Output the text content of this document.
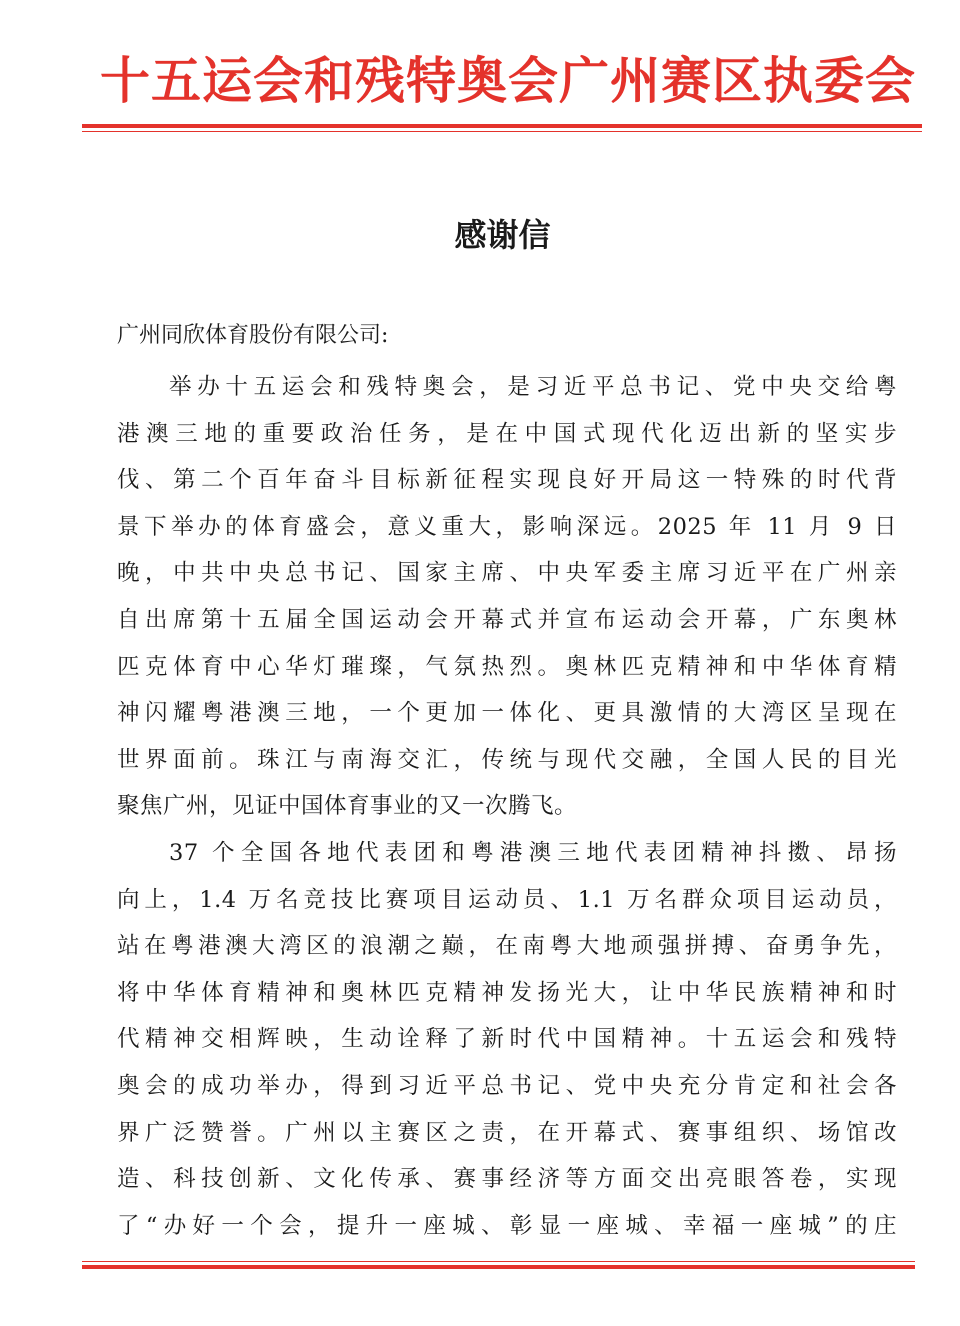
十五运会和残特奥会广州赛区执委会
感谢信
广州同欣体育股份有限公司:
举办十五运会和残特奥会，是习近平总书记、党中央交给粤
港澳三地的重要政治任务，是在中国式现代化迈出新的坚实步
伐、第二个百年奋斗目标新征程实现良好开局这一特殊的时代背
景下举办的体育盛会，意义重大，影响深远。2025 年 11 月 9 日
晚，中共中央总书记、国家主席、中央军委主席习近平在广州亲
自出席第十五届全国运动会开幕式并宣布运动会开幕，广东奥林
匹克体育中心华灯璀璨，气氛热烈。奥林匹克精神和中华体育精
神闪耀粤港澳三地，一个更加一体化、更具激情的大湾区呈现在
世界面前。珠江与南海交汇，传统与现代交融，全国人民的目光
聚焦广州，见证中国体育事业的又一次腾飞。
37 个全国各地代表团和粤港澳三地代表团精神抖擞、昂扬
向上，1.4 万名竞技比赛项目运动员、1.1 万名群众项目运动员，
站在粤港澳大湾区的浪潮之巅，在南粤大地顽强拼搏、奋勇争先，
将中华体育精神和奥林匹克精神发扬光大，让中华民族精神和时
代精神交相辉映，生动诠释了新时代中国精神。十五运会和残特
奥会的成功举办，得到习近平总书记、党中央充分肯定和社会各
界广泛赞誉。广州以主赛区之责，在开幕式、赛事组织、场馆改
造、科技创新、文化传承、赛事经济等方面交出亮眼答卷，实现
了“办好一个会，提升一座城、彰显一座城、幸福一座城”的庄
